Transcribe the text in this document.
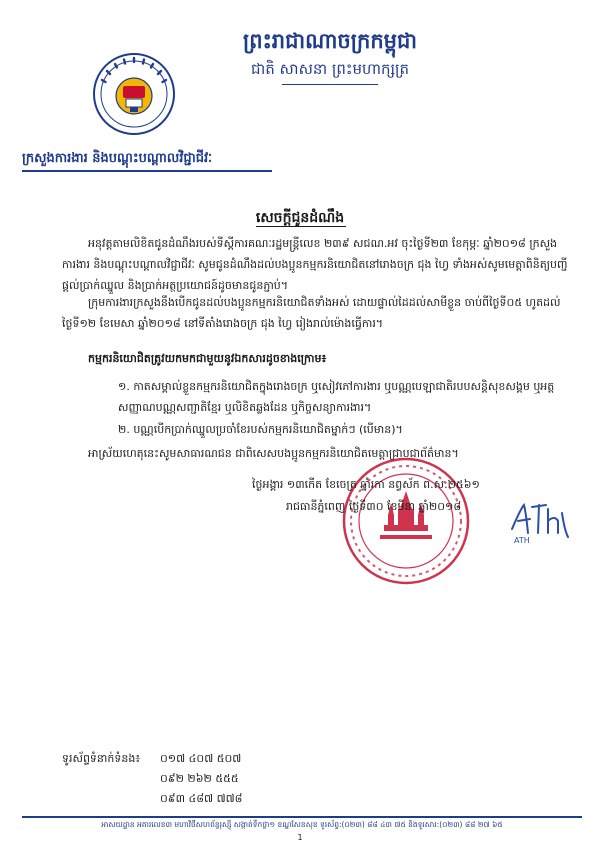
ព្រះរាជាណាចក្រកម្ពុជា
ជាតិ សាសនា ព្រះមហាក្សត្រ
ក្រសួងការងារ និងបណ្តុះបណ្តាលវិជ្ជាជីវៈ
សេចក្តីជូនដំណឹង
អនុវត្តតាមលិខិតជូនដំណឹងរបស់ទីស្តីការគណៈរដ្ឋមន្ត្រីលេខ ២៣៩ សជណ.អវ ចុះថ្ងៃទី២៣ ខែកុម្ភៈ ឆ្នាំ២០១៨ ក្រសួងការងារ និងបណ្តុះបណ្តាលវិជ្ជាជីវៈ សូមជូនដំណឹងដល់បងប្អូនកម្មករនិយោជិតនៅរោងចក្រ ជុង ហ្វៃ ទាំងអស់សូមមេត្តាពិនិត្យបញ្ជីផ្តល់ប្រាក់ឈ្នួល និងប្រាក់អត្ថប្រយោជន៍ដូចមានជូនភ្ជាប់។
ក្រុមការងារក្រសួងនឹងបើកជូនដល់បងប្អូនកម្មករនិយោជិតទាំងអស់ ដោយផ្ទាល់ដៃដល់សាមីខ្លួន ចាប់ពីថ្ងៃទី០៥ ហូតដល់ ថ្ងៃទី១២ ខែមេសា ឆ្នាំ២០១៨ នៅទីតាំងរោងចក្រ ជុង ហ្វៃ រៀងរាល់ម៉ោងធ្វើការ។
កម្មករនិយោជិតត្រូវយកមកជាមួយនូវឯកសារដូចខាងក្រោម៖
១. កាតសម្គាល់ខ្លួនកម្មករនិយោជិតក្នុងរោងចក្រ ឬសៀវភៅការងារ ឬបណ្ណបេឡាជាតិរបបសន្តិសុខសង្គម ឬអត្តសញ្ញាណបណ្ណសញ្ជាតិខ្មែរ ឬលិខិតឆ្លងដែន ឬកិច្ចសន្យាការងារ។
២. បណ្ណបើកប្រាក់ឈ្នួលប្រចាំខែរបស់កម្មករនិយោជិតម្នាក់ៗ (បើមាន)។
អាស្រ័យហេតុនេះសូមសាធារណជន ជាពិសេសបងប្អូនកម្មករនិយោជិតមេត្តាជ្រាបជាព័ត៌មាន។
ថ្ងៃអង្គារ ១៣កើត ខែចេត្រ ឆ្នាំរកា នព្វស័ក ព.ស.២៥៦១
រាជធានីភ្នំពេញ ថ្ងៃទី៣០ ខែមីនា ឆ្នាំ២០១៨
ATH
ទូរស័ព្ទទំនាក់ទំនង៖ ០១៧ ៤០៧ ៥០៧
០៩២ ២៦២ ៥៥៥
០៩៣ ៤៨៧ ៧៧៨
អាសយដ្ឋាន អគារលេខ៣ មហាវិថីសហព័ន្ធរុស្ស៊ី សង្កាត់ទឹកថ្លា១ ខណ្ឌសែនសុខ ទូរស័ព្ទ:(០២៣) ៨៨ ៤៣ ៧៥ និងទូរសារ:(០២៣) ៨៨ ២៧ ៦៥
1
